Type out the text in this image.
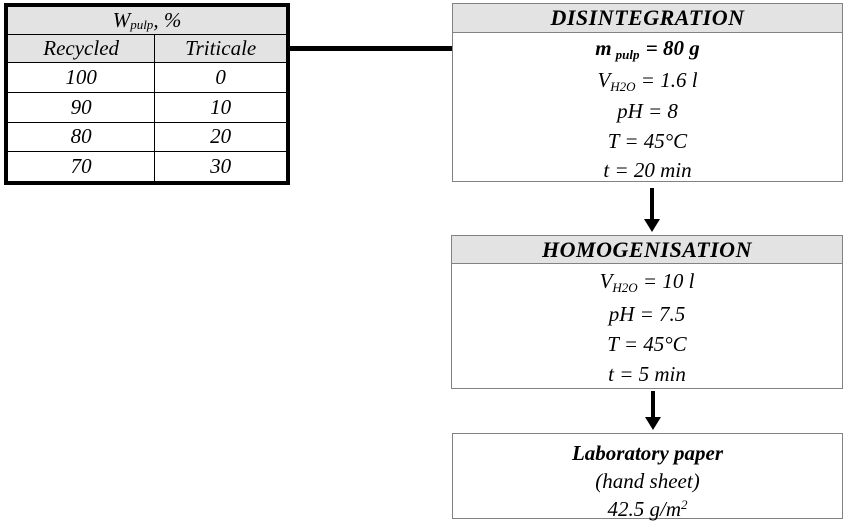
W pulp , %
Recycled	Triticale
100	0
90	10
80	20
70	30
DISINTEGRATION
mpulp = 80 g
VH2O = 1.6 l
pH = 8
T = 45°C
t = 20 min
HOMOGENISATION
VH2O = 10 l
pH = 7.5
T = 45°C
t = 5 min
Laboratory paper
(hand sheet)
42.5 $g/m^2$
